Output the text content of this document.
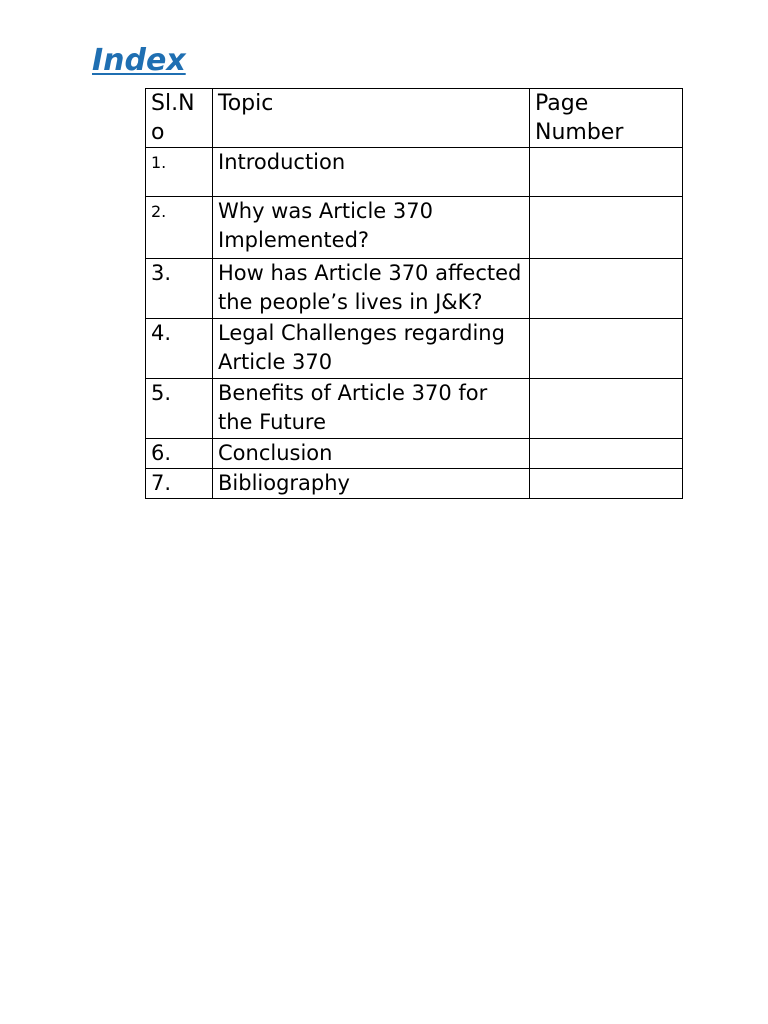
Index
Sl.No	Topic	Page Number
1.	Introduction	
2.	Why was Article 370 Implemented?	
3.	How has Article 370 affected the people’s lives in J&K?	
4.	Legal Challenges regarding Article 370	
5.	Benefits of Article 370 for the Future	
6.	Conclusion	
7.	Bibliography	
